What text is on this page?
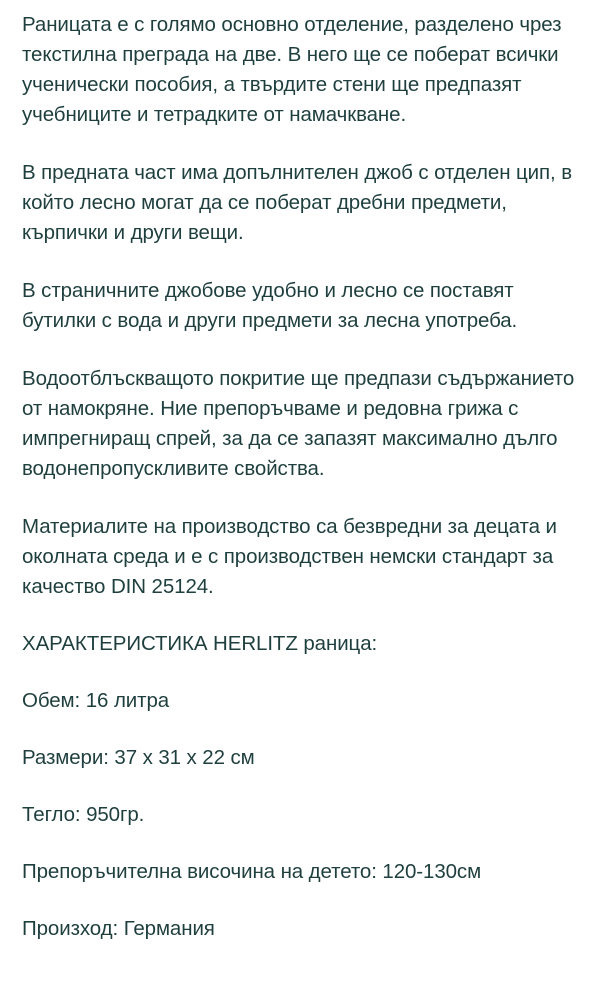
Раницата е с голямо основно отделение, разделено чрез текстилна преграда на две. В него ще се поберат всички ученически пособия, а твърдите стени ще предпазят учебниците и тетрадките от намачкване.

В предната част има допълнителен джоб с отделен цип, в който лесно могат да се поберат дребни предмети, кърпички и други вещи.

В страничните джобове удобно и лесно се поставят бутилки с вода и други предмети за лесна употреба.

Водоотблъскващото покритие ще предпази съдържанието от намокряне. Ние препоръчваме и редовна грижа с импрегниращ спрей, за да се запазят максимално дълго водонепропускливите свойства.

Материалите на производство са безвредни за децата и околната среда и е с производствен немски стандарт за качество DIN 25124.

ХАРАКТЕРИСТИКА HERLITZ раница:

Обем: 16 литра

Размери: 37 x 31 x 22 см

Тегло: 950гр.

Препоръчителна височина на детето: 120-130см

Произход: Германия
